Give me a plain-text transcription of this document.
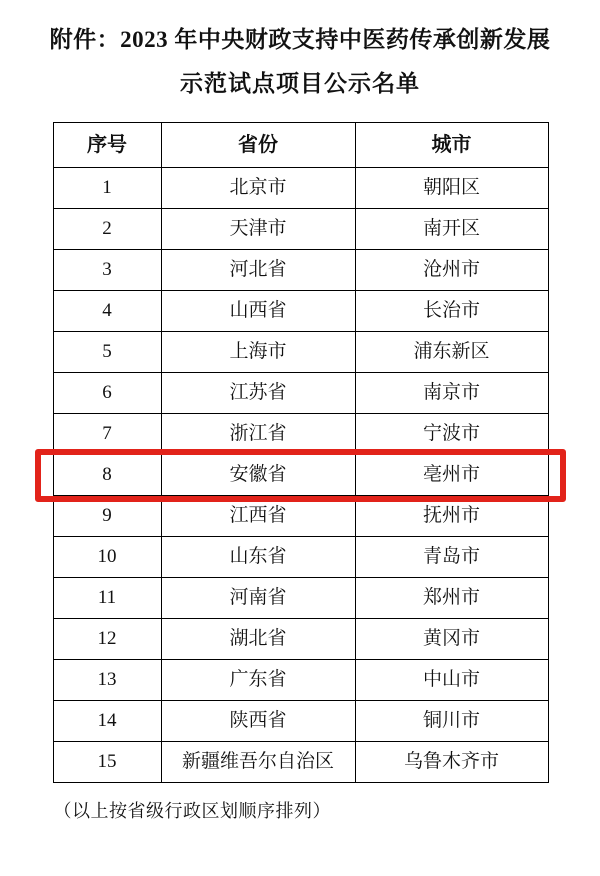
附件：2023 年中央财政支持中医药传承创新发展
示范试点项目公示名单
序号	省份	城市
1	北京市	朝阳区
2	天津市	南开区
3	河北省	沧州市
4	山西省	长治市
5	上海市	浦东新区
6	江苏省	南京市
7	浙江省	宁波市
8	安徽省	亳州市
9	江西省	抚州市
10	山东省	青岛市
11	河南省	郑州市
12	湖北省	黄冈市
13	广东省	中山市
14	陕西省	铜川市
15	新疆维吾尔自治区	乌鲁木齐市
（以上按省级行政区划顺序排列）
